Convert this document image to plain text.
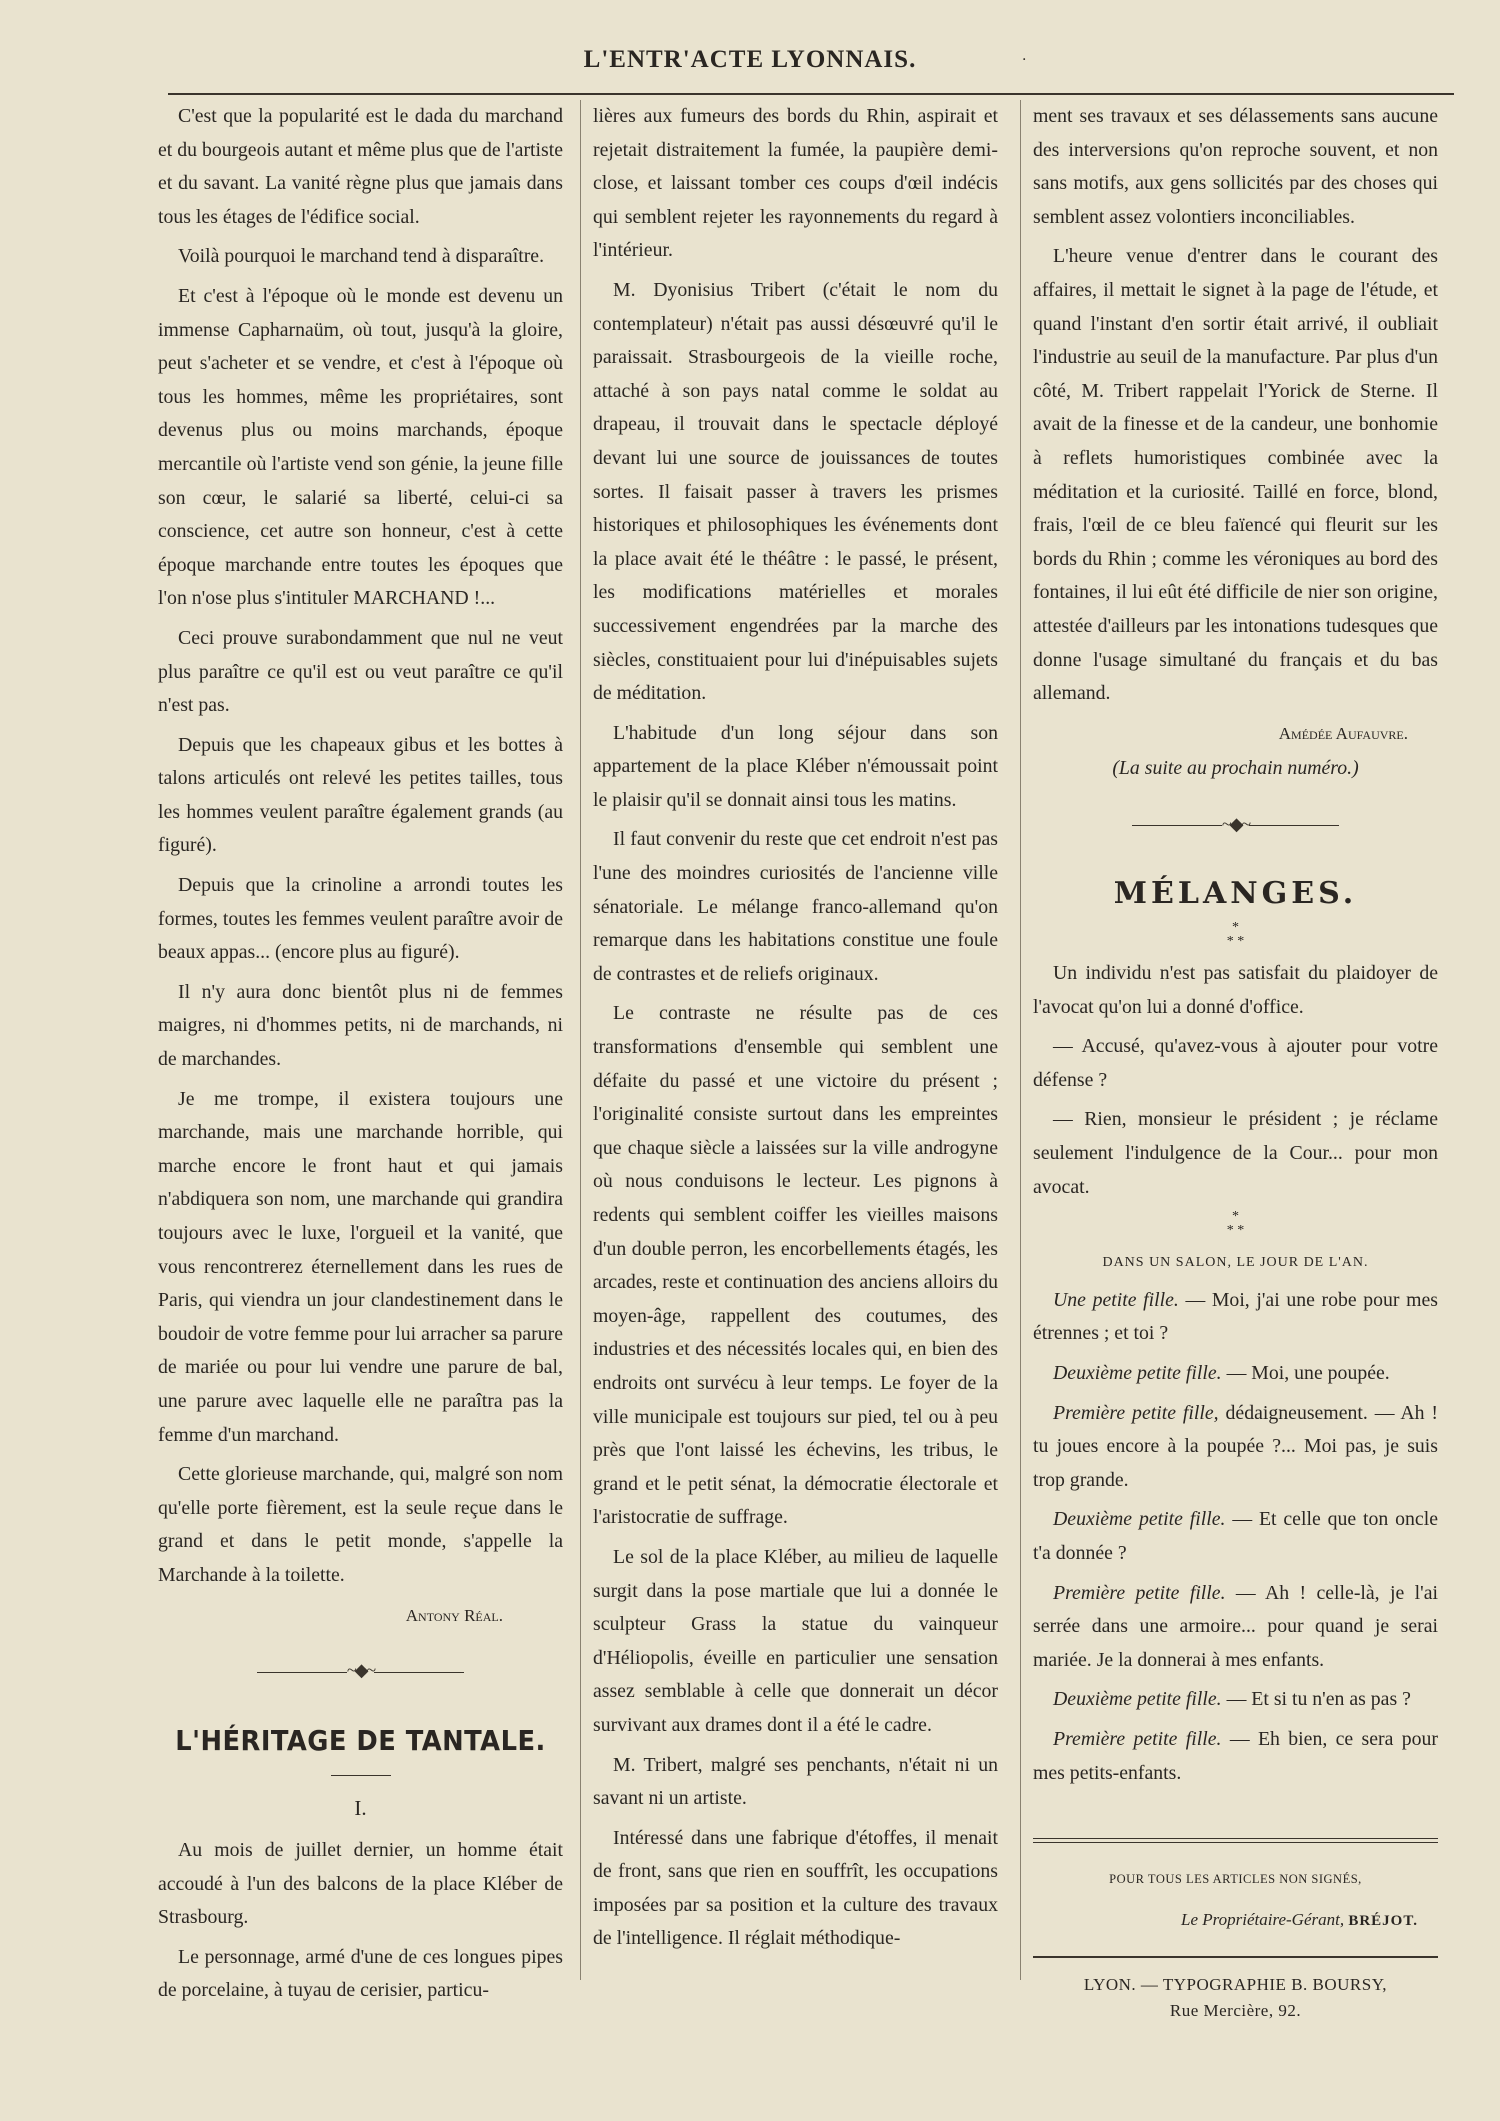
L'ENTR'ACTE LYONNAIS.	·

C'est que la popularité est le dada du marchand et du bourgeois autant et même plus que de l'artiste et du savant. La vanité règne plus que jamais dans tous les étages de l'édifice social.

Voilà pourquoi le marchand tend à disparaître.

Et c'est à l'époque où le monde est devenu un immense Capharnaüm, où tout, jusqu'à la gloire, peut s'acheter et se vendre, et c'est à l'époque où tous les hommes, même les propriétaires, sont devenus plus ou moins marchands, époque mercantile où l'artiste vend son génie, la jeune fille son cœur, le salarié sa liberté, celui-ci sa conscience, cet autre son honneur, c'est à cette époque marchande entre toutes les époques que l'on n'ose plus s'intituler MARCHAND !...

Ceci prouve surabondamment que nul ne veut plus paraître ce qu'il est ou veut paraître ce qu'il n'est pas.

Depuis que les chapeaux gibus et les bottes à talons articulés ont relevé les petites tailles, tous les hommes veulent paraître également grands (au figuré).

Depuis que la crinoline a arrondi toutes les formes, toutes les femmes veulent paraître avoir de beaux appas... (encore plus au figuré).

Il n'y aura donc bientôt plus ni de femmes maigres, ni d'hommes petits, ni de marchands, ni de marchandes.

Je me trompe, il existera toujours une marchande, mais une marchande horrible, qui marche encore le front haut et qui jamais n'abdiquera son nom, une marchande qui grandira toujours avec le luxe, l'orgueil et la vanité, que vous rencontrerez éternellement dans les rues de Paris, qui viendra un jour clandestinement dans le boudoir de votre femme pour lui arracher sa parure de mariée ou pour lui vendre une parure de bal, une parure avec laquelle elle ne paraîtra pas la femme d'un marchand.

Cette glorieuse marchande, qui, malgré son nom qu'elle porte fièrement, est la seule reçue dans le grand et dans le petit monde, s'appelle la Marchande à la toilette.

Antony Réal.
~◆~
L'HÉRITAGE DE TANTALE.
I.

Au mois de juillet dernier, un homme était accoudé à l'un des balcons de la place Kléber de Strasbourg.

Le personnage, armé d'une de ces longues pipes de porcelaine, à tuyau de cerisier, particu-

lières aux fumeurs des bords du Rhin, aspirait et rejetait distraitement la fumée, la paupière demi-close, et laissant tomber ces coups d'œil indécis qui semblent rejeter les rayonnements du regard à l'intérieur.

M. Dyonisius Tribert (c'était le nom du contemplateur) n'était pas aussi désœuvré qu'il le paraissait. Strasbourgeois de la vieille roche, attaché à son pays natal comme le soldat au drapeau, il trouvait dans le spectacle déployé devant lui une source de jouissances de toutes sortes. Il faisait passer à travers les prismes historiques et philosophiques les événements dont la place avait été le théâtre : le passé, le présent, les modifications matérielles et morales successivement engendrées par la marche des siècles, constituaient pour lui d'inépuisables sujets de méditation.

L'habitude d'un long séjour dans son appartement de la place Kléber n'émoussait point le plaisir qu'il se donnait ainsi tous les matins.

Il faut convenir du reste que cet endroit n'est pas l'une des moindres curiosités de l'ancienne ville sénatoriale. Le mélange franco-allemand qu'on remarque dans les habitations constitue une foule de contrastes et de reliefs originaux.

Le contraste ne résulte pas de ces transformations d'ensemble qui semblent une défaite du passé et une victoire du présent ; l'originalité consiste surtout dans les empreintes que chaque siècle a laissées sur la ville androgyne où nous conduisons le lecteur. Les pignons à redents qui semblent coiffer les vieilles maisons d'un double perron, les encorbellements étagés, les arcades, reste et continuation des anciens alloirs du moyen-âge, rappellent des coutumes, des industries et des nécessités locales qui, en bien des endroits ont survécu à leur temps. Le foyer de la ville municipale est toujours sur pied, tel ou à peu près que l'ont laissé les échevins, les tribus, le grand et le petit sénat, la démocratie électorale et l'aristocratie de suffrage.

Le sol de la place Kléber, au milieu de laquelle surgit dans la pose martiale que lui a donnée le sculpteur Grass la statue du vainqueur d'Héliopolis, éveille en particulier une sensation assez semblable à celle que donnerait un décor survivant aux drames dont il a été le cadre.

M. Tribert, malgré ses penchants, n'était ni un savant ni un artiste.

Intéressé dans une fabrique d'étoffes, il menait de front, sans que rien en souffrît, les occupations imposées par sa position et la culture des travaux de l'intelligence. Il réglait méthodique-

ment ses travaux et ses délassements sans aucune des interversions qu'on reproche souvent, et non sans motifs, aux gens sollicités par des choses qui semblent assez volontiers inconciliables.

L'heure venue d'entrer dans le courant des affaires, il mettait le signet à la page de l'étude, et quand l'instant d'en sortir était arrivé, il oubliait l'industrie au seuil de la manufacture. Par plus d'un côté, M. Tribert rappelait l'Yorick de Sterne. Il avait de la finesse et de la candeur, une bonhomie à reflets humoristiques combinée avec la méditation et la curiosité. Taillé en force, blond, frais, l'œil de ce bleu faïencé qui fleurit sur les bords du Rhin ; comme les véroniques au bord des fontaines, il lui eût été difficile de nier son origine, attestée d'ailleurs par les intonations tudesques que donne l'usage simultané du français et du bas allemand.

Amédée Aufauvre.
(La suite au prochain numéro.)
~◆~
MÉLANGES.
*
* *

Un individu n'est pas satisfait du plaidoyer de l'avocat qu'on lui a donné d'office.

— Accusé, qu'avez-vous à ajouter pour votre défense ?

— Rien, monsieur le président ; je réclame seulement l'indulgence de la Cour... pour mon avocat.

*
* *
DANS UN SALON, LE JOUR DE L'AN.

Une petite fille. — Moi, j'ai une robe pour mes étrennes ; et toi ?

Deuxième petite fille. — Moi, une poupée.

Première petite fille, dédaigneusement. — Ah ! tu joues encore à la poupée ?... Moi pas, je suis trop grande.

Deuxième petite fille. — Et celle que ton oncle t'a donnée ?

Première petite fille. — Ah ! celle-là, je l'ai serrée dans une armoire... pour quand je serai mariée. Je la donnerai à mes enfants.

Deuxième petite fille. — Et si tu n'en as pas ?

Première petite fille. — Eh bien, ce sera pour mes petits-enfants.

POUR TOUS LES ARTICLES NON SIGNÉS,
Le Propriétaire-Gérant, BRÉJOT.
LYON. — TYPOGRAPHIE B. BOURSY,
Rue Mercière, 92.
